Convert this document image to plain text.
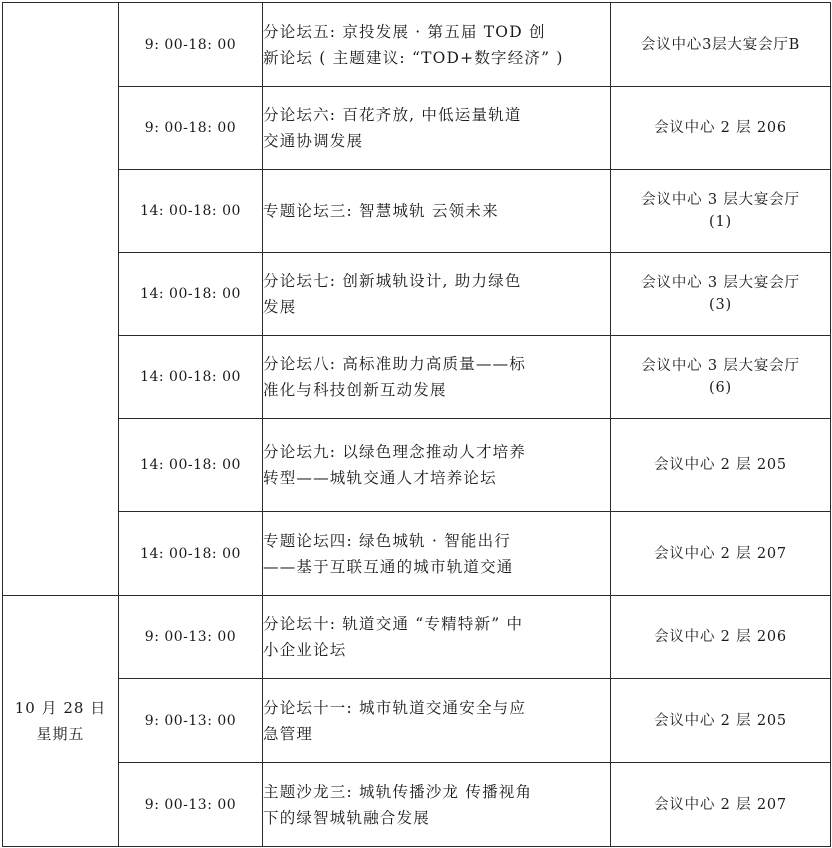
	9: 00-18: 00	分论坛五: 京投发展 · 第五届 TOD 创
新论坛 ( 主题建议: “TOD+数字经济” )	会议中心3层大宴会厅B

	9: 00-18: 00	分论坛六: 百花齐放, 中低运量轨道
交通协调发展	会议中心 2 层 206

	14: 00-18: 00	专题论坛三: 智慧城轨 云领未来	会议中心 3 层大宴会厅
(1)

	14: 00-18: 00	分论坛七: 创新城轨设计, 助力绿色
发展	会议中心 3 层大宴会厅
(3)

	14: 00-18: 00	分论坛八: 高标准助力高质量——标
准化与科技创新互动发展	会议中心 3 层大宴会厅
(6)

	14: 00-18: 00	分论坛九: 以绿色理念推动人才培养
转型——城轨交通人才培养论坛	会议中心 2 层 205

	14: 00-18: 00	专题论坛四: 绿色城轨 · 智能出行
——基于互联互通的城市轨道交通	会议中心 2 层 207

10 月 28 日
星期五	9: 00-13: 00	分论坛十: 轨道交通 “专精特新” 中
小企业论坛	会议中心 2 层 206

	9: 00-13: 00	分论坛十一: 城市轨道交通安全与应
急管理	会议中心 2 层 205

	9: 00-13: 00	主题沙龙三: 城轨传播沙龙 传播视角
下的绿智城轨融合发展	会议中心 2 层 207
